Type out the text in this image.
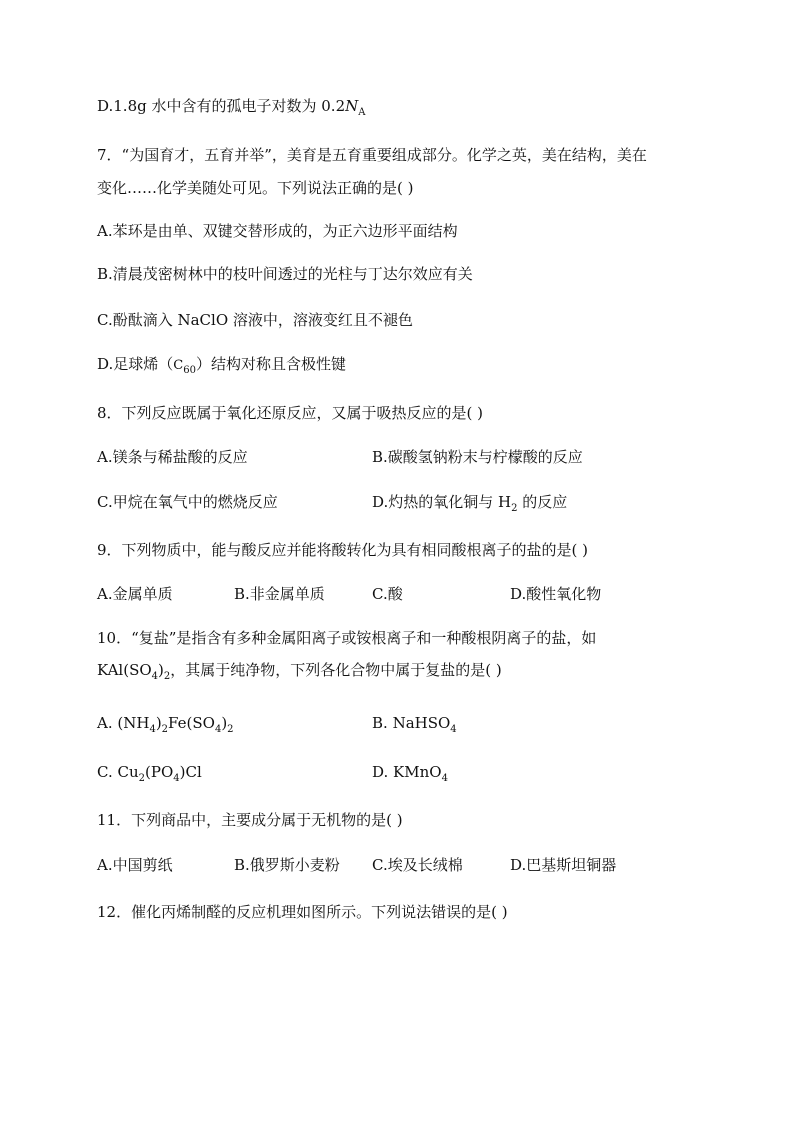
D.1.8g 水中含有的孤电子对数为 $0.2N_A$
7．“为国育才，五育并举”，美育是五育重要组成部分。化学之英，美在结构，美在
变化……化学美随处可见。下列说法正确的是( )
A.苯环是由单、双键交替形成的，为正六边形平面结构
B.清晨茂密树林中的枝叶间透过的光柱与丁达尔效应有关
C.酚酞滴入 NaClO 溶液中，溶液变红且不褪色
D.足球烯$(C_{60})$结构对称且含极性键
8．下列反应既属于氧化还原反应，又属于吸热反应的是( )
A.镁条与稀盐酸的反应	B.碳酸氢钠粉末与柠檬酸的反应
C.甲烷在氧气中的燃烧反应	D.灼热的氧化铜与 $H_2$ 的反应
9．下列物质中，能与酸反应并能将酸转化为具有相同酸根离子的盐的是( )
A.金属单质	B.非金属单质	C.酸	D.酸性氧化物
10．“复盐”是指含有多种金属阳离子或铵根离子和一种酸根阴离子的盐，如
$KAl(SO_4)_2$，其属于纯净物，下列各化合物中属于复盐的是( )
A. $(NH_4)_2Fe(SO_4)_2$	B. NaHSO$_4$
C. $Cu_2(PO_4)Cl$	D. KMnO$_4$
11．下列商品中，主要成分属于无机物的是( )
A.中国剪纸	B.俄罗斯小麦粉 C.埃及长绒棉	D.巴基斯坦铜器
12．催化丙烯制醛的反应机理如图所示。下列说法错误的是( )
